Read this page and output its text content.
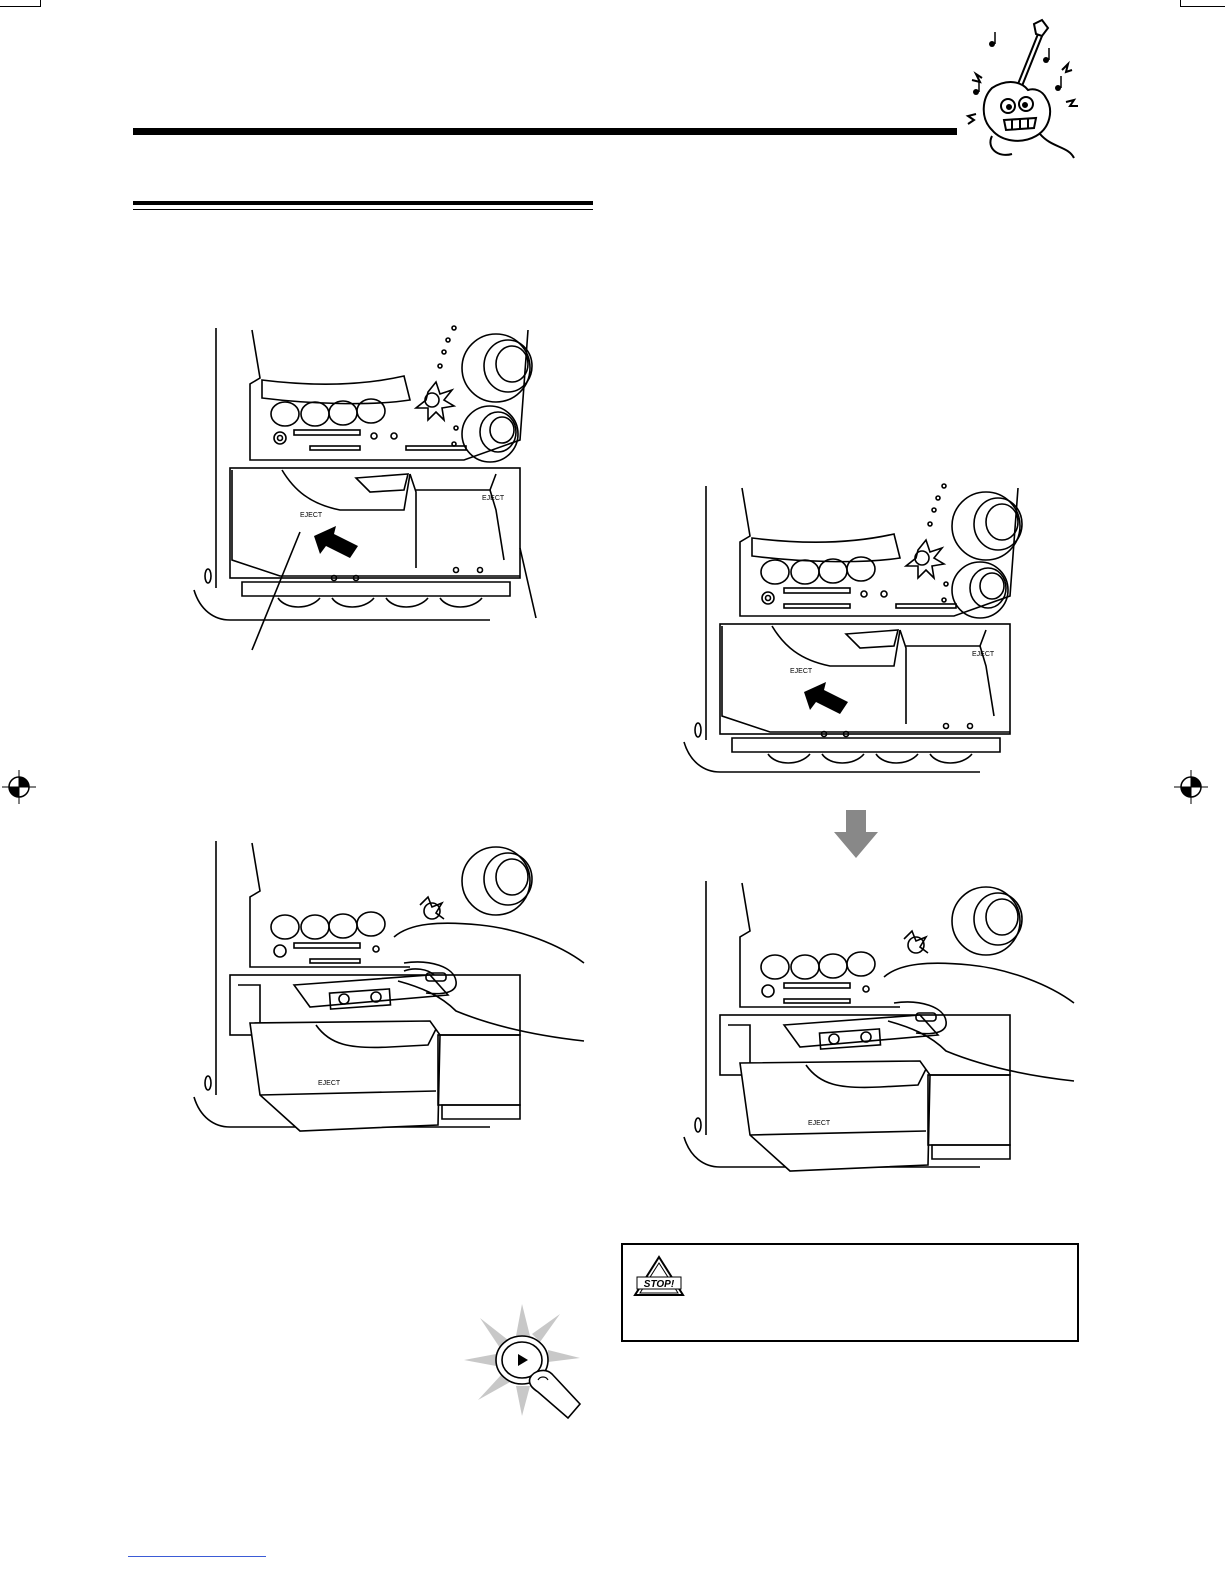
EJECT
EJECT
EJECT
EJECT
EJECT
EJECT
STOP!
